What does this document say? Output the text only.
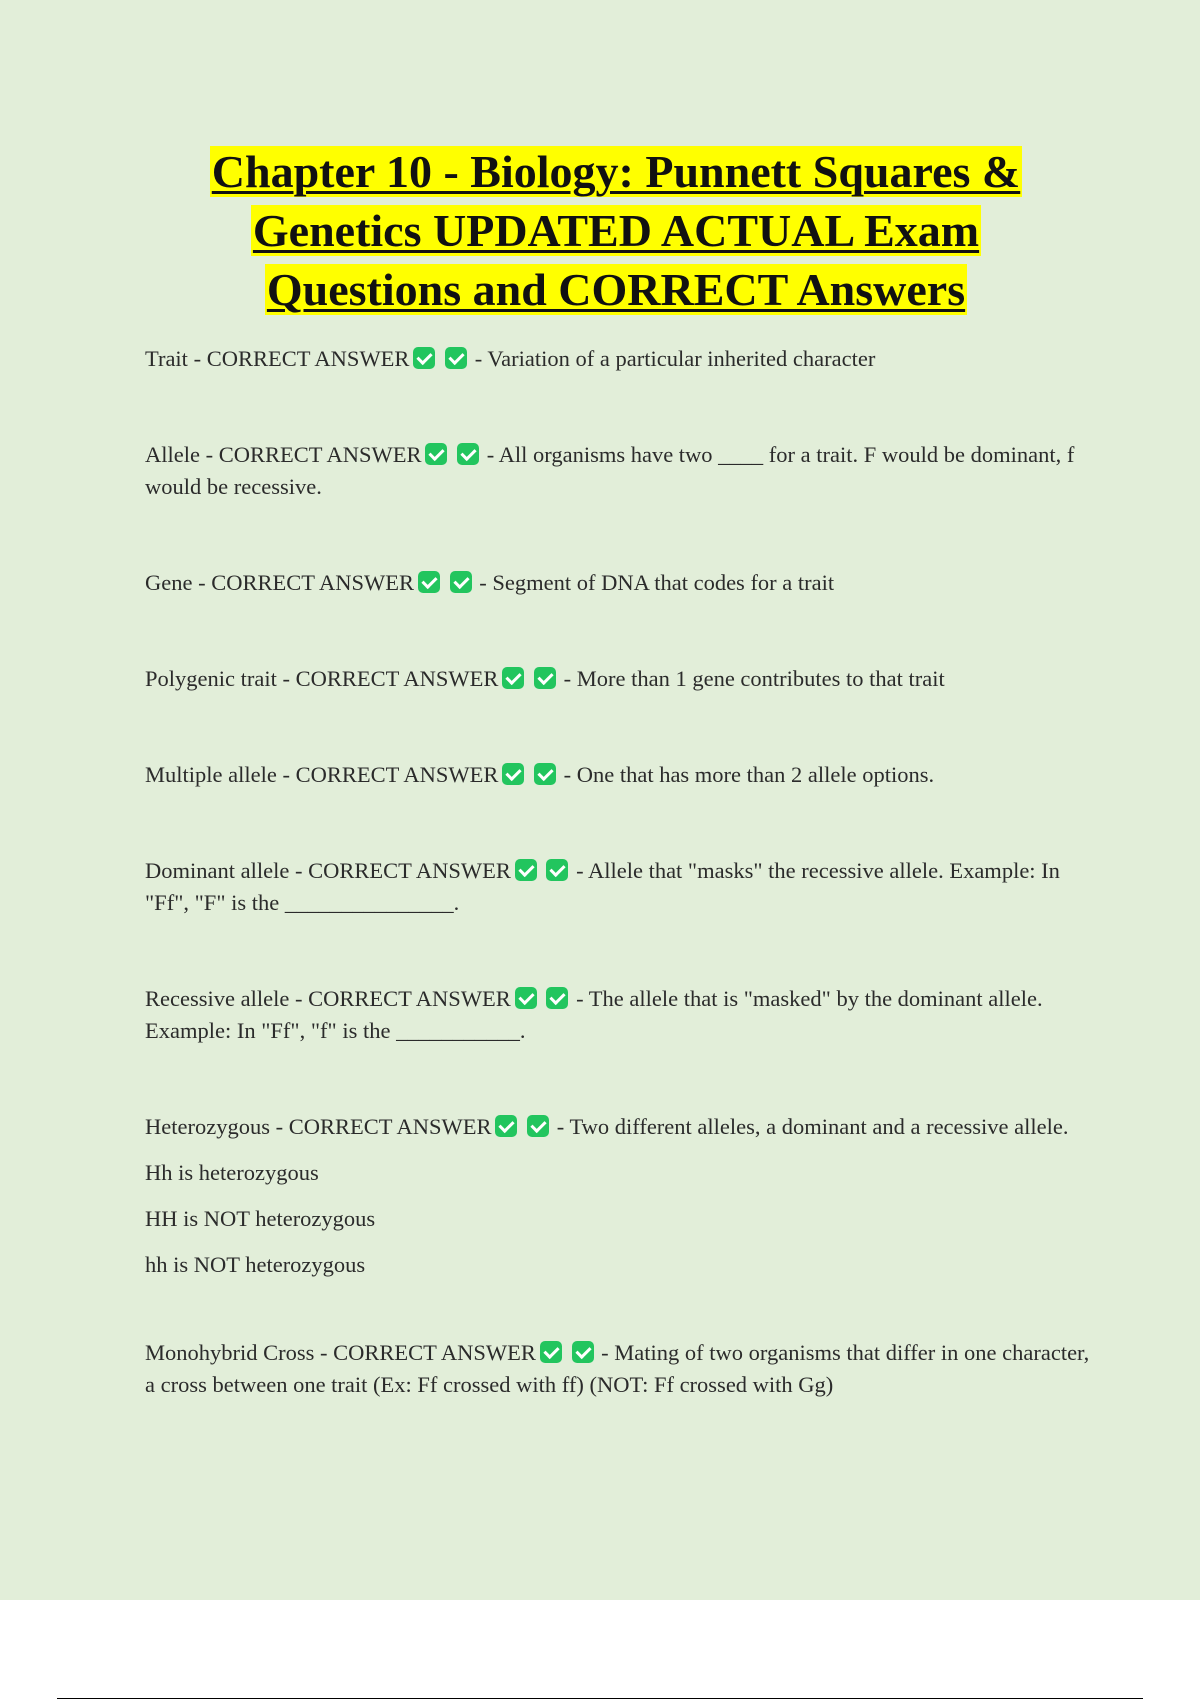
Chapter 10 - Biology: Punnett Squares &
Genetics UPDATED ACTUAL Exam
Questions and CORRECT Answers
Trait - CORRECT ANSWER	- Variation of a particular inherited character
Allele - CORRECT ANSWER	- All organisms have two ____ for a trait. F would be dominant, f would be recessive.
Gene - CORRECT ANSWER	- Segment of DNA that codes for a trait
Polygenic trait - CORRECT ANSWER	- More than 1 gene contributes to that trait
Multiple allele - CORRECT ANSWER	- One that has more than 2 allele options.
Dominant allele - CORRECT ANSWER	- Allele that "masks" the recessive allele. Example: In "Ff", "F" is the _______________.
Recessive allele - CORRECT ANSWER	- The allele that is "masked" by the dominant allele. Example: In "Ff", "f" is the ___________.
Heterozygous - CORRECT ANSWER	- Two different alleles, a dominant and a recessive allele.
Hh is heterozygous
HH is NOT heterozygous
hh is NOT heterozygous
Monohybrid Cross - CORRECT ANSWER	- Mating of two organisms that differ in one character, a cross between one trait (Ex: Ff crossed with ff) (NOT: Ff crossed with Gg)
